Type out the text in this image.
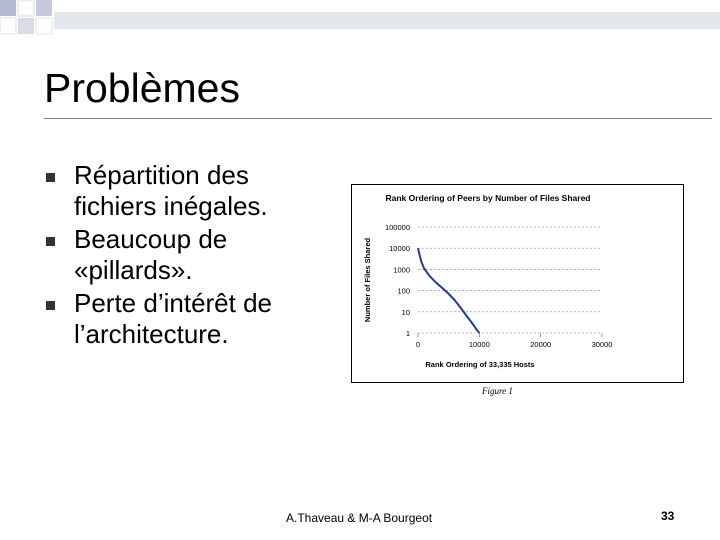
Problèmes
Répartition des fichiers inégales.
Beaucoup de «pillards».
Perte d’intérêt de l’architecture.
Rank Ordering of Peers by Number of Files Shared
Number of Files Shared
Rank Ordering of 33,335 Hosts
1
10
100
1000
10000
100000
0	10000	20000	30000
Figure 1
A.Thaveau & M-A Bourgeot	33
